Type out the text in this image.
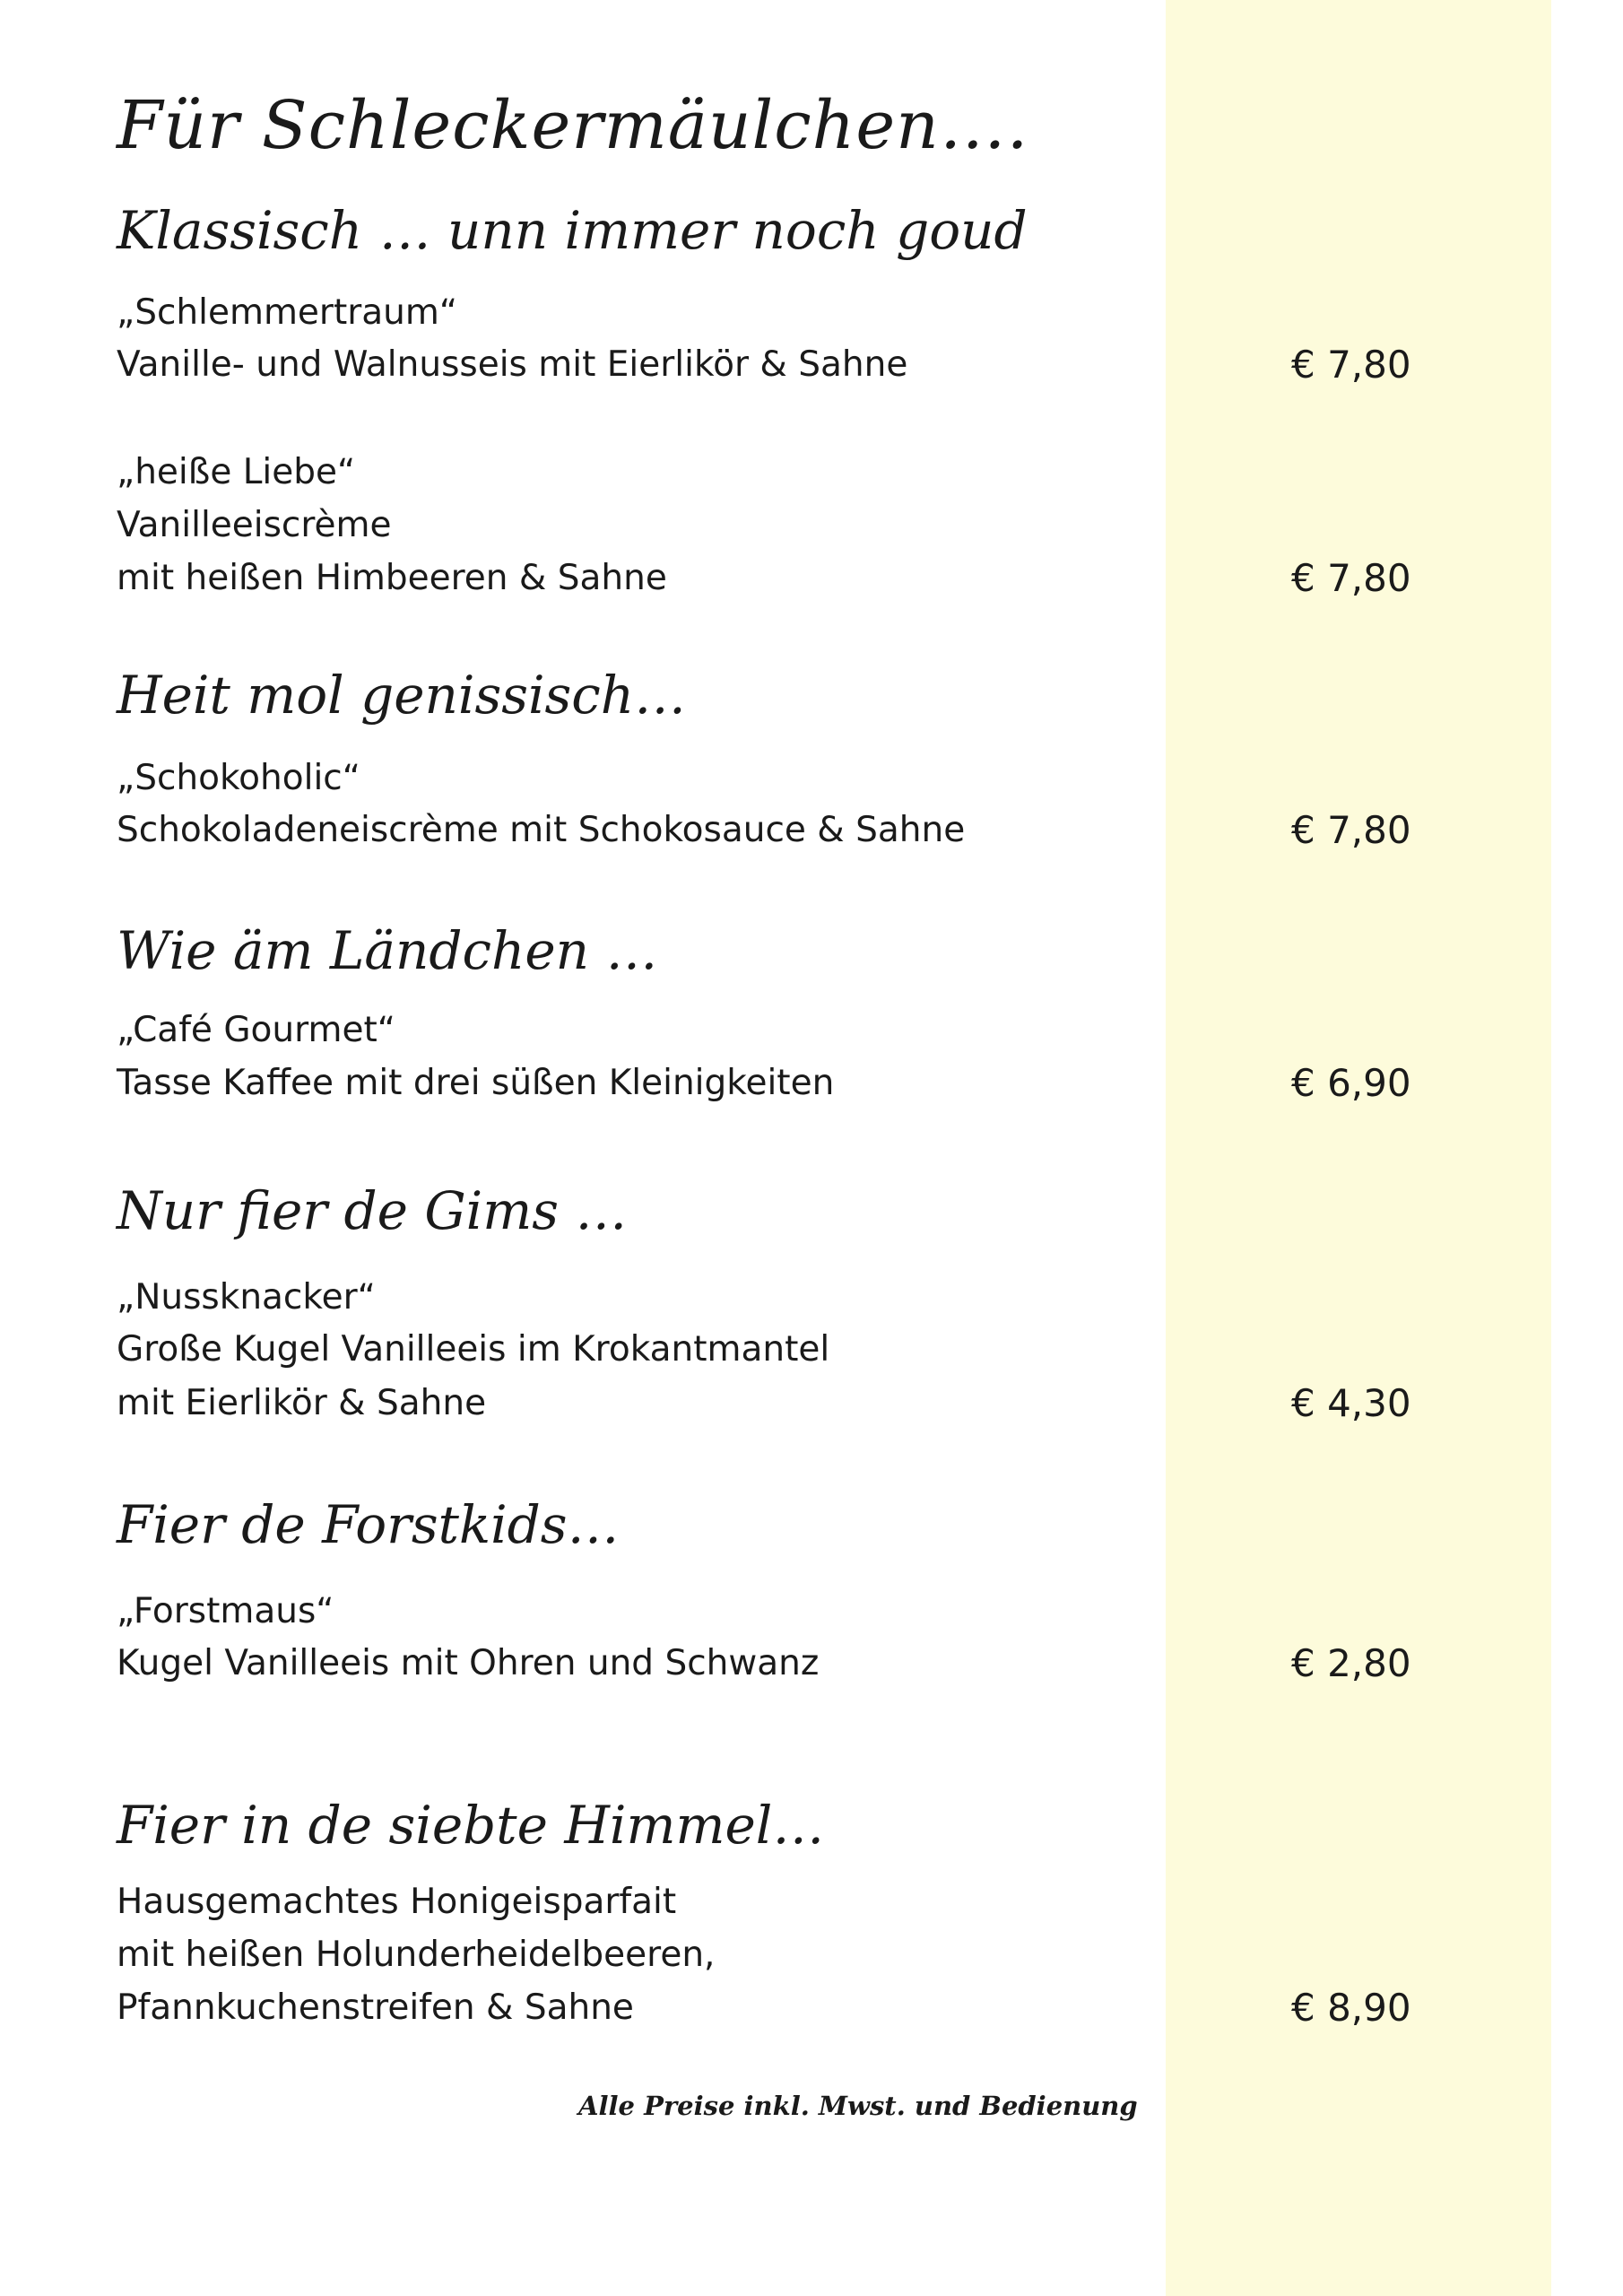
Für Schleckermäulchen….
Klassisch … unn immer noch goud

„Schlemmertraum“

Vanille- und Walnusseis mit Eierlikör & Sahne	€ 7,80

„heiße Liebe“

Vanilleeiscrème

mit heißen Himbeeren & Sahne	€ 7,80

Heit mol genissisch…

„Schokoholic“

Schokoladeneiscrème mit Schokosauce & Sahne	€ 7,80

Wie äm Ländchen …

„Café Gourmet“

Tasse Kaffee mit drei süßen Kleinigkeiten	€ 6,90

Nur fier de Gims …

„Nussknacker“

Große Kugel Vanilleeis im Krokantmantel

mit Eierlikör & Sahne	€ 4,30

Fier de Forstkids…

„Forstmaus“

Kugel Vanilleeis mit Ohren und Schwanz	€ 2,80

Fier in de siebte Himmel…

Hausgemachtes Honigeisparfait

mit heißen Holunderheidelbeeren,

Pfannkuchenstreifen & Sahne	€ 8,90

Alle Preise inkl. Mwst. und Bedienung
